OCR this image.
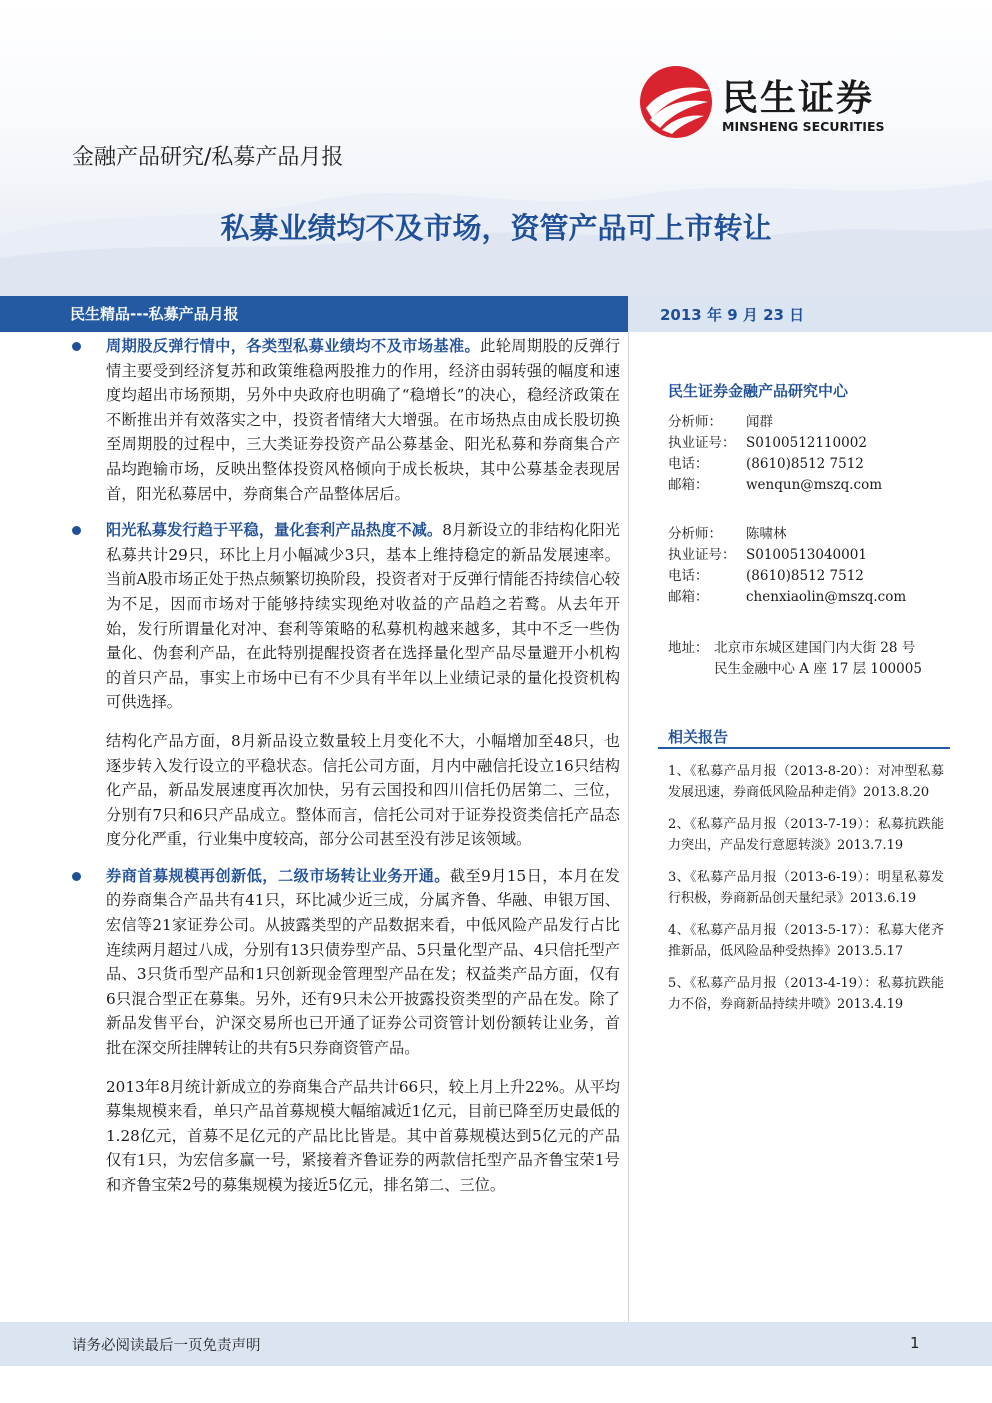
民生证券
MINSHENG SECURITIES
金融产品研究/私募产品月报
私募业绩均不及市场，资管产品可上市转让
民生精品---私募产品月报	2013 年 9 月 23 日

周期股反弹行情中，各类型私募业绩均不及市场基准。此轮周期股的反弹行情主要受到经济复苏和政策维稳两股推力的作用，经济由弱转强的幅度和速度均超出市场预期，另外中央政府也明确了“稳增长”的决心，稳经济政策在不断推出并有效落实之中，投资者情绪大大增强。在市场热点由成长股切换至周期股的过程中，三大类证券投资产品公募基金、阳光私募和券商集合产品均跑输市场，反映出整体投资风格倾向于成长板块，其中公募基金表现居首，阳光私募居中，券商集合产品整体居后。

阳光私募发行趋于平稳，量化套利产品热度不减。8月新设立的非结构化阳光私募共计29只，环比上月小幅减少3只，基本上维持稳定的新品发展速率。当前A股市场正处于热点频繁切换阶段，投资者对于反弹行情能否持续信心较为不足，因而市场对于能够持续实现绝对收益的产品趋之若鹜。从去年开始，发行所谓量化对冲、套利等策略的私募机构越来越多，其中不乏一些伪量化、伪套利产品，在此特别提醒投资者在选择量化型产品尽量避开小机构的首只产品，事实上市场中已有不少具有半年以上业绩记录的量化投资机构可供选择。

结构化产品方面，8月新品设立数量较上月变化不大，小幅增加至48只，也逐步转入发行设立的平稳状态。信托公司方面，月内中融信托设立16只结构化产品，新品发展速度再次加快，另有云国投和四川信托仍居第二、三位，分别有7只和6只产品成立。整体而言，信托公司对于证券投资类信托产品态度分化严重，行业集中度较高，部分公司甚至没有涉足该领域。

券商首募规模再创新低，二级市场转让业务开通。截至9月15日，本月在发的券商集合产品共有41只，环比减少近三成，分属齐鲁、华融、申银万国、宏信等21家证券公司。从披露类型的产品数据来看，中低风险产品发行占比连续两月超过八成，分别有13只债券型产品、5只量化型产品、4只信托型产品、3只货币型产品和1只创新现金管理型产品在发；权益类产品方面，仅有6只混合型正在募集。另外，还有9只未公开披露投资类型的产品在发。除了新品发售平台，沪深交易所也已开通了证券公司资管计划份额转让业务，首批在深交所挂牌转让的共有5只券商资管产品。

2013年8月统计新成立的券商集合产品共计66只，较上月上升22%。从平均募集规模来看，单只产品首募规模大幅缩减近1亿元，目前已降至历史最低的1.28亿元，首募不足亿元的产品比比皆是。其中首募规模达到5亿元的产品仅有1只，为宏信多赢一号，紧接着齐鲁证券的两款信托型产品齐鲁宝荣1号和齐鲁宝荣2号的募集规模为接近5亿元，排名第二、三位。

民生证券金融产品研究中心
分析师：	闻群
执业证号： S0100512110002
电话：	(8610)8512 7512
邮箱：	wenqun@mszq.com
分析师：	陈啸林
执业证号： S0100513040001
电话：	(8610)8512 7512
邮箱：	chenxiaolin@mszq.com
地址： 北京市东城区建国门内大街 28 号
民生金融中心 A 座 17 层 100005
相关报告
1、《私募产品月报（2013-8-20）：对冲型私募发展迅速，券商低风险品种走俏》2013.8.20
2、《私募产品月报（2013-7-19）：私募抗跌能力突出，产品发行意愿转淡》2013.7.19
3、《私募产品月报（2013-6-19）：明星私募发行积极，券商新品创天量纪录》2013.6.19
4、《私募产品月报（2013-5-17）：私募大佬齐推新品，低风险品种受热捧》2013.5.17
5、《私募产品月报（2013-4-19）：私募抗跌能力不俗，券商新品持续井喷》2013.4.19
请务必阅读最后一页免责声明	1
